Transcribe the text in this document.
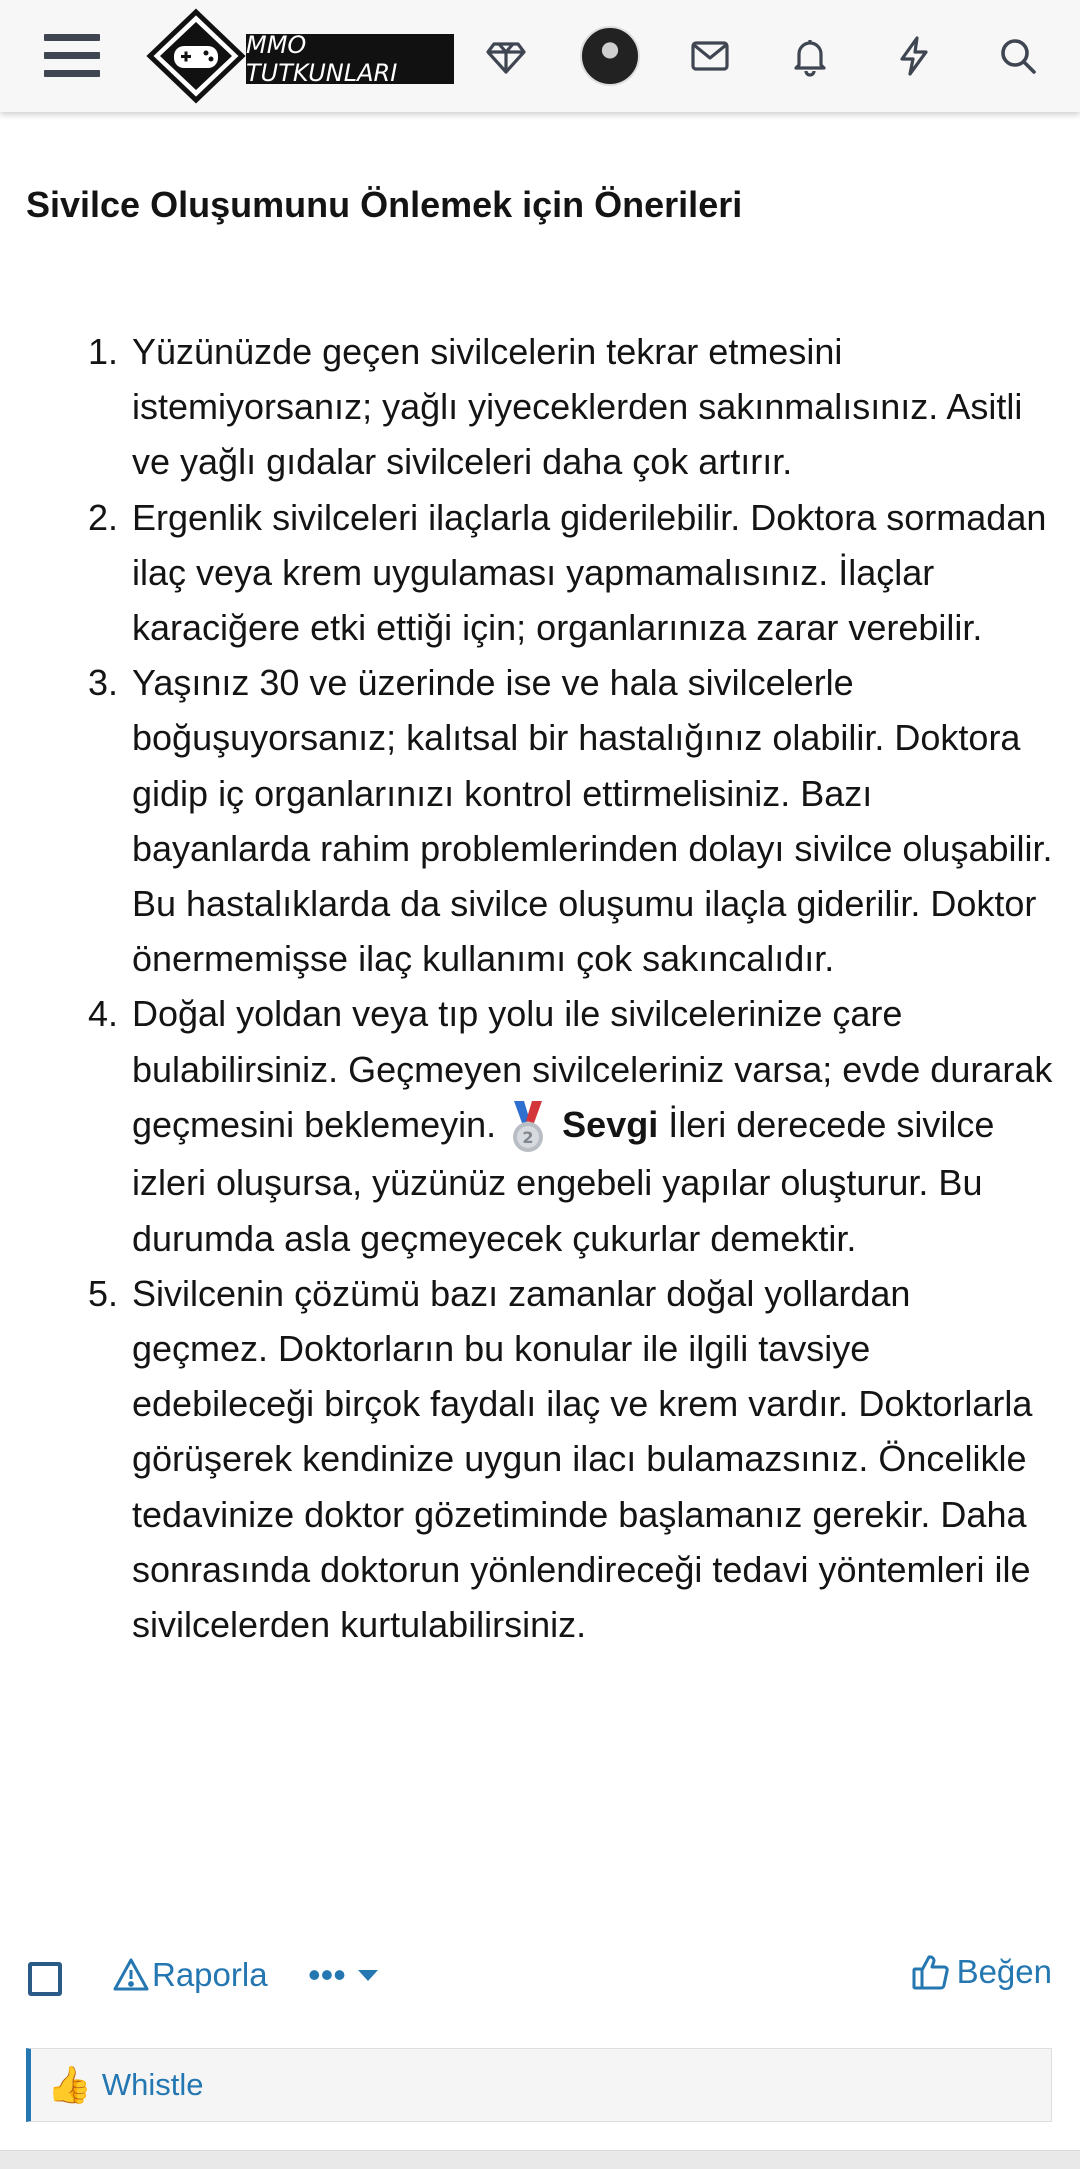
MMO TUTKUNLARI
Sivilce Oluşumunu Önlemek için Önerileri
1. Yüzünüzde geçen sivilcelerin tekrar etmesini istemiyorsanız; yağlı yiyeceklerden sakınmalısınız. Asitli ve yağlı gıdalar sivilceleri daha çok artırır.
2. Ergenlik sivilceleri ilaçlarla giderilebilir. Doktora sormadan ilaç veya krem uygulaması yapmamalısınız. İlaçlar karaciğere etki ettiği için; organlarınıza zarar verebilir.
3. Yaşınız 30 ve üzerinde ise ve hala sivilcelerle boğuşuyorsanız; kalıtsal bir hastalığınız olabilir. Doktora gidip iç organlarınızı kontrol ettirmelisiniz. Bazı bayanlarda rahim problemlerinden dolayı sivilce oluşabilir. Bu hastalıklarda da sivilce oluşumu ilaçla giderilir. Doktor önermemişse ilaç kullanımı çok sakıncalıdır.
4. Doğal yoldan veya tıp yolu ile sivilcelerinize çare bulabilirsiniz. Geçmeyen sivilceleriniz varsa; evde durarak geçmesini beklemeyin. 2 Sevgi İleri derecede sivilce izleri oluşursa, yüzünüz engebeli yapılar oluşturur. Bu durumda asla geçmeyecek çukurlar demektir.
5. Sivilcenin çözümü bazı zamanlar doğal yollardan geçmez. Doktorların bu konular ile ilgili tavsiye edebileceği birçok faydalı ilaç ve krem vardır. Doktorlarla görüşerek kendinize uygun ilacı bulamazsınız. Öncelikle tedavinize doktor gözetiminde başlamanız gerekir. Daha sonrasında doktorun yönlendireceği tedavi yöntemleri ile sivilcelerden kurtulabilirsiniz.
Raporla •••	Beğen
👍 Whistle
